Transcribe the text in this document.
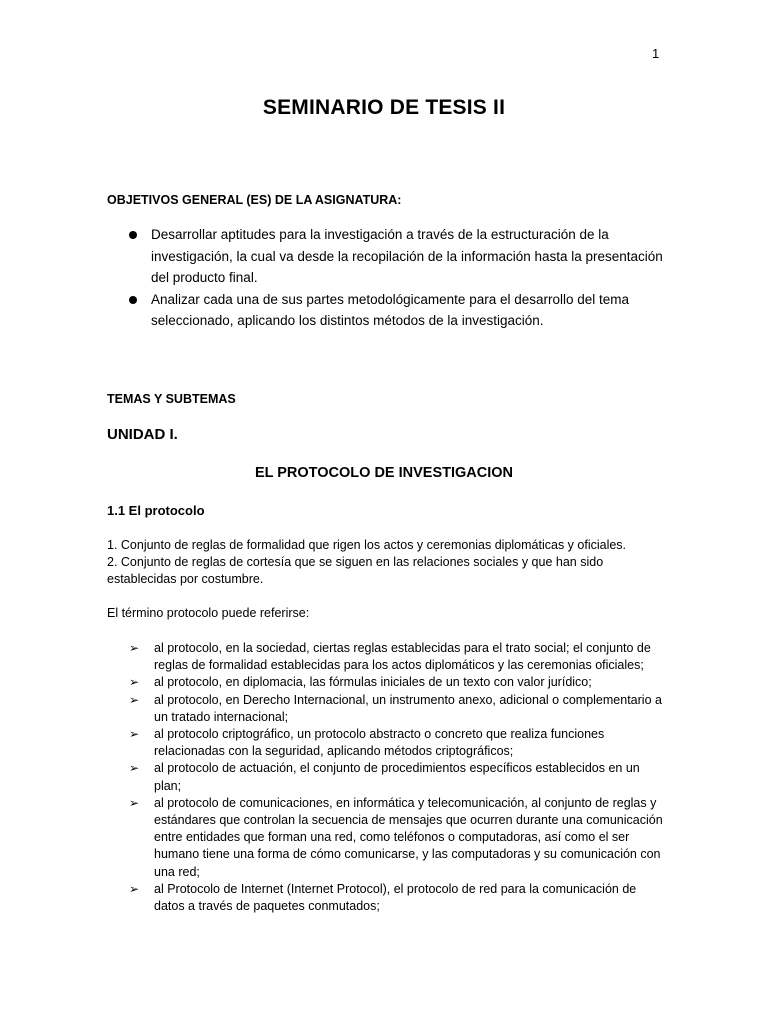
1
SEMINARIO DE TESIS II
OBJETIVOS GENERAL (ES) DE LA ASIGNATURA:
Desarrollar aptitudes para la investigación a través de la estructuración de la investigación, la cual va desde la recopilación de la información hasta la presentación del producto final.
Analizar cada una de sus partes metodológicamente para el desarrollo del tema seleccionado, aplicando los distintos métodos de la investigación.
TEMAS Y SUBTEMAS
UNIDAD I.
EL PROTOCOLO DE INVESTIGACION
1.1 El protocolo

1. Conjunto de reglas de formalidad que rigen los actos y ceremonias diplomáticas y oficiales.

2. Conjunto de reglas de cortesía que se siguen en las relaciones sociales y que han sido establecidas por costumbre.

El término protocolo puede referirse:
➢ al protocolo, en la sociedad, ciertas reglas establecidas para el trato social; el conjunto de reglas de formalidad establecidas para los actos diplomáticos y las ceremonias oficiales;
➢ al protocolo, en diplomacia, las fórmulas iniciales de un texto con valor jurídico;
➢ al protocolo, en Derecho Internacional, un instrumento anexo, adicional o complementario a un tratado internacional;
➢ al protocolo criptográfico, un protocolo abstracto o concreto que realiza funciones relacionadas con la seguridad, aplicando métodos criptográficos;
➢ al protocolo de actuación, el conjunto de procedimientos específicos establecidos en un plan;
➢ al protocolo de comunicaciones, en informática y telecomunicación, al conjunto de reglas y estándares que controlan la secuencia de mensajes que ocurren durante una comunicación entre entidades que forman una red, como teléfonos o computadoras, así como el ser humano tiene una forma de cómo comunicarse, y las computadoras y su comunicación con una red;
➢ al Protocolo de Internet (Internet Protocol), el protocolo de red para la comunicación de datos a través de paquetes conmutados;
